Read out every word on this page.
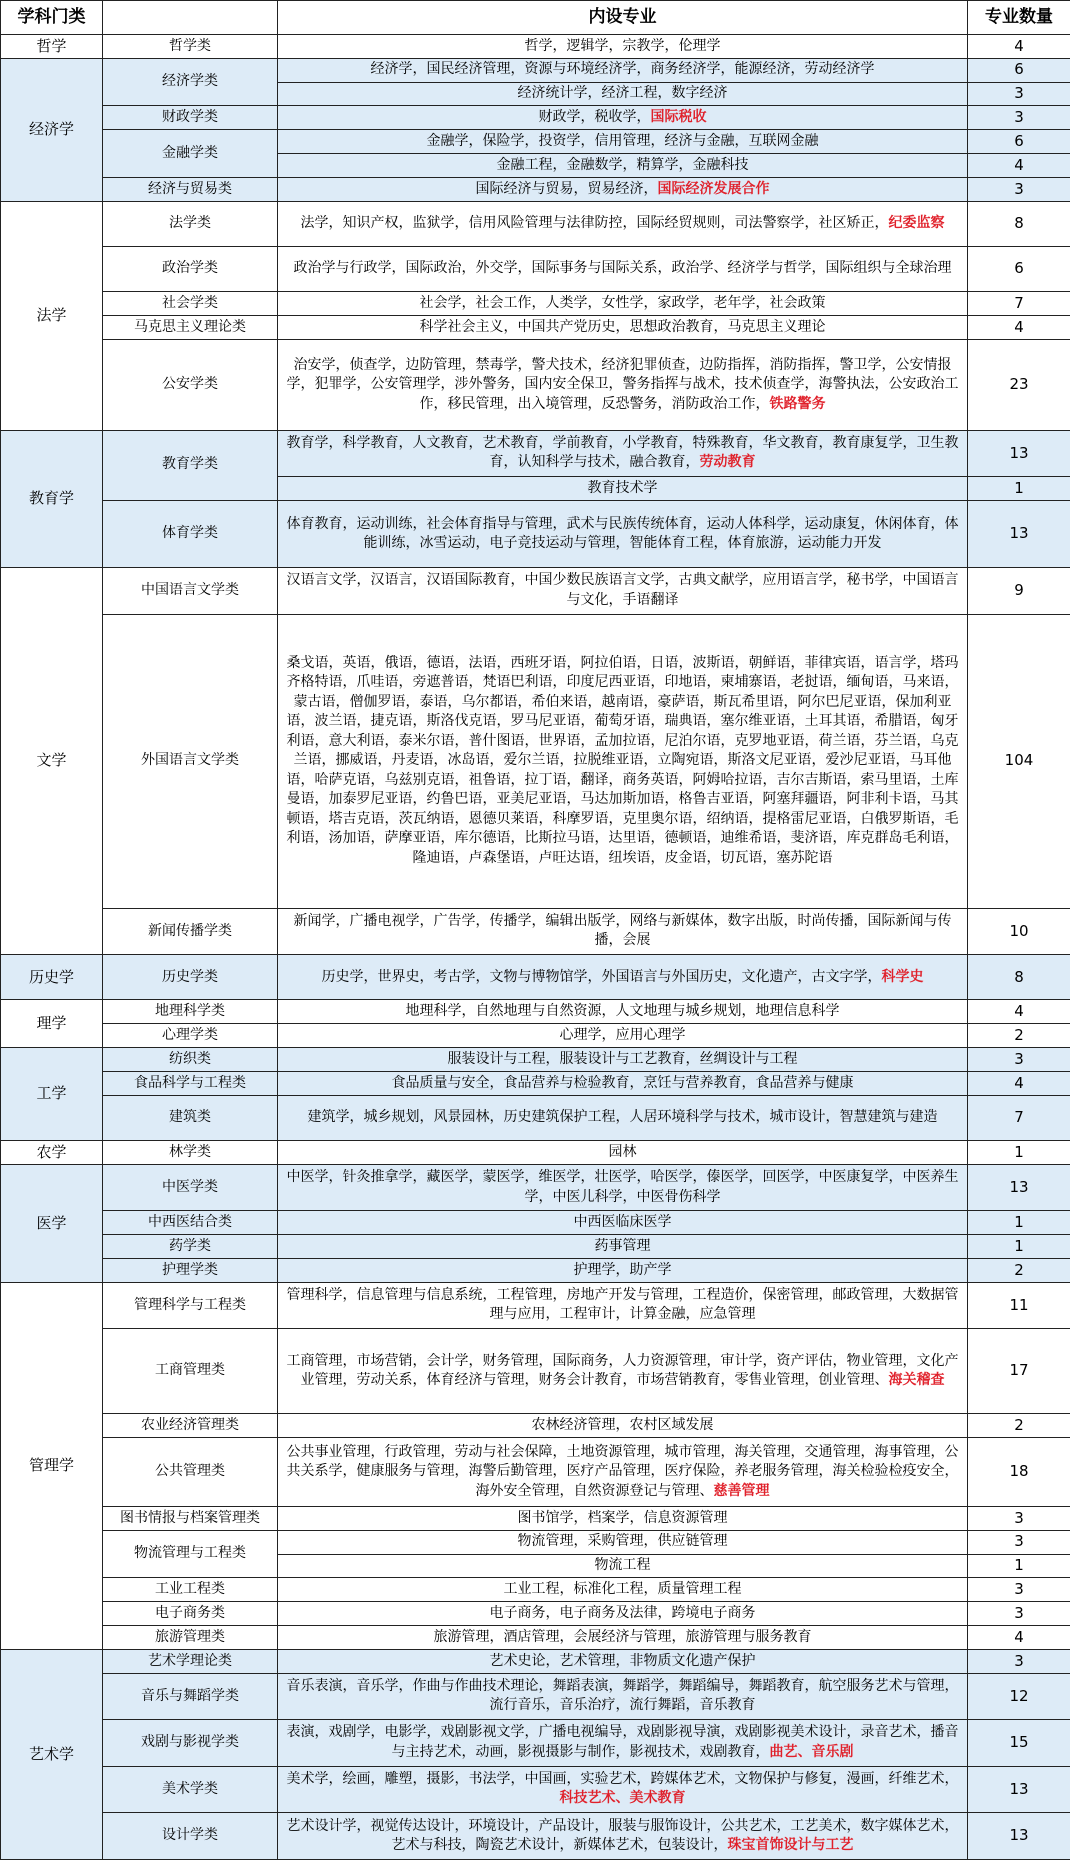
学科门类		内设专业	专业数量
哲学	哲学类	哲学，逻辑学，宗教学，伦理学	4
经济学	经济学类	经济学，国民经济管理，资源与环境经济学，商务经济学，能源经济，劳动经济学	6
		经济统计学，经济工程，数字经济	3
	财政学类	财政学，税收学，国际税收	3
	金融学类	金融学，保险学，投资学，信用管理，经济与金融，互联网金融	6
		金融工程，金融数学，精算学，金融科技	4
	经济与贸易类	国际经济与贸易，贸易经济，国际经济发展合作	3
法学	法学类	法学，知识产权，监狱学，信用风险管理与法律防控，国际经贸规则，司法警察学，社区矫正，纪委监察	8
	政治学类	政治学与行政学，国际政治，外交学，国际事务与国际关系，政治学、经济学与哲学，国际组织与全球治理	6
	社会学类	社会学，社会工作，人类学，女性学，家政学，老年学，社会政策	7
	马克思主义理论类	科学社会主义，中国共产党历史，思想政治教育，马克思主义理论	4
	公安学类	治安学，侦查学，边防管理，禁毒学，警犬技术，经济犯罪侦查，边防指挥，消防指挥，警卫学，公安情报学，犯罪学，公安管理学，涉外警务，国内安全保卫，警务指挥与战术，技术侦查学，海警执法，公安政治工作，移民管理，出入境管理，反恐警务，消防政治工作，铁路警务	23
教育学	教育学类	教育学，科学教育，人文教育，艺术教育，学前教育，小学教育，特殊教育，华文教育，教育康复学，卫生教育，认知科学与技术，融合教育，劳动教育	13
		教育技术学	1
	体育学类	体育教育，运动训练，社会体育指导与管理，武术与民族传统体育，运动人体科学，运动康复，休闲体育，体能训练，冰雪运动，电子竞技运动与管理，智能体育工程，体育旅游，运动能力开发	13
文学	中国语言文学类	汉语言文学，汉语言，汉语国际教育，中国少数民族语言文学，古典文献学，应用语言学，秘书学，中国语言与文化，手语翻译	9
	外国语言文学类	桑戈语，英语，俄语，德语，法语，西班牙语，阿拉伯语，日语，波斯语，朝鲜语，菲律宾语，语言学，塔玛齐格特语，爪哇语，旁遮普语，梵语巴利语，印度尼西亚语，印地语，柬埔寨语，老挝语，缅甸语，马来语，蒙古语，僧伽罗语，泰语，乌尔都语，希伯来语，越南语，豪萨语，斯瓦希里语，阿尔巴尼亚语，保加利亚语，波兰语，捷克语，斯洛伐克语，罗马尼亚语，葡萄牙语，瑞典语，塞尔维亚语，土耳其语，希腊语，匈牙利语，意大利语，泰米尔语，普什图语，世界语，孟加拉语，尼泊尔语，克罗地亚语，荷兰语，芬兰语，乌克兰语，挪威语，丹麦语，冰岛语，爱尔兰语，拉脱维亚语，立陶宛语，斯洛文尼亚语，爱沙尼亚语，马耳他语，哈萨克语，乌兹别克语，祖鲁语，拉丁语，翻译，商务英语，阿姆哈拉语，吉尔吉斯语，索马里语，土库曼语，加泰罗尼亚语，约鲁巴语，亚美尼亚语，马达加斯加语，格鲁吉亚语，阿塞拜疆语，阿非利卡语，马其顿语，塔吉克语，茨瓦纳语，恩德贝莱语，科摩罗语，克里奥尔语，绍纳语，提格雷尼亚语，白俄罗斯语，毛利语，汤加语，萨摩亚语，库尔德语，比斯拉马语，达里语，德顿语，迪维希语，斐济语，库克群岛毛利语，隆迪语，卢森堡语，卢旺达语，纽埃语，皮金语，切瓦语，塞苏陀语	104
	新闻传播学类	新闻学，广播电视学，广告学，传播学，编辑出版学，网络与新媒体，数字出版，时尚传播，国际新闻与传播，会展	10
历史学	历史学类	历史学，世界史，考古学，文物与博物馆学，外国语言与外国历史，文化遗产，古文字学，科学史	8
理学	地理科学类	地理科学，自然地理与自然资源，人文地理与城乡规划，地理信息科学	4
	心理学类	心理学，应用心理学	2
工学	纺织类	服装设计与工程，服装设计与工艺教育，丝绸设计与工程	3
	食品科学与工程类	食品质量与安全，食品营养与检验教育，烹饪与营养教育，食品营养与健康	4
	建筑类	建筑学，城乡规划，风景园林，历史建筑保护工程，人居环境科学与技术，城市设计，智慧建筑与建造	7
农学	林学类	园林	1
医学	中医学类	中医学，针灸推拿学，藏医学，蒙医学，维医学，壮医学，哈医学，傣医学，回医学，中医康复学，中医养生学，中医儿科学，中医骨伤科学	13
	中西医结合类	中西医临床医学	1
	药学类	药事管理	1
	护理学类	护理学，助产学	2
管理学	管理科学与工程类	管理科学，信息管理与信息系统，工程管理，房地产开发与管理，工程造价，保密管理，邮政管理，大数据管理与应用，工程审计，计算金融，应急管理	11
	工商管理类	工商管理，市场营销，会计学，财务管理，国际商务，人力资源管理，审计学，资产评估，物业管理，文化产业管理，劳动关系，体育经济与管理，财务会计教育，市场营销教育，零售业管理，创业管理、海关稽查	17
	农业经济管理类	农林经济管理，农村区域发展	2
	公共管理类	公共事业管理，行政管理，劳动与社会保障，土地资源管理，城市管理，海关管理，交通管理，海事管理，公共关系学，健康服务与管理，海警后勤管理，医疗产品管理，医疗保险，养老服务管理，海关检验检疫安全，海外安全管理，自然资源登记与管理、慈善管理	18
	图书情报与档案管理类	图书馆学，档案学，信息资源管理	3
	物流管理与工程类	物流管理，采购管理，供应链管理	3
		物流工程	1
	工业工程类	工业工程，标准化工程，质量管理工程	3
	电子商务类	电子商务，电子商务及法律，跨境电子商务	3
	旅游管理类	旅游管理，酒店管理，会展经济与管理，旅游管理与服务教育	4
艺术学	艺术学理论类	艺术史论，艺术管理，非物质文化遗产保护	3
	音乐与舞蹈学类	音乐表演，音乐学，作曲与作曲技术理论，舞蹈表演，舞蹈学，舞蹈编导，舞蹈教育，航空服务艺术与管理，流行音乐，音乐治疗，流行舞蹈，音乐教育	12
	戏剧与影视学类	表演，戏剧学，电影学，戏剧影视文学，广播电视编导，戏剧影视导演，戏剧影视美术设计，录音艺术，播音与主持艺术，动画，影视摄影与制作，影视技术，戏剧教育，曲艺、音乐剧	15
	美术学类	美术学，绘画，雕塑，摄影，书法学，中国画，实验艺术，跨媒体艺术，文物保护与修复，漫画，纤维艺术，科技艺术、美术教育	13
	设计学类	艺术设计学，视觉传达设计，环境设计，产品设计，服装与服饰设计，公共艺术，工艺美术，数字媒体艺术，艺术与科技，陶瓷艺术设计，新媒体艺术，包装设计，珠宝首饰设计与工艺	13
